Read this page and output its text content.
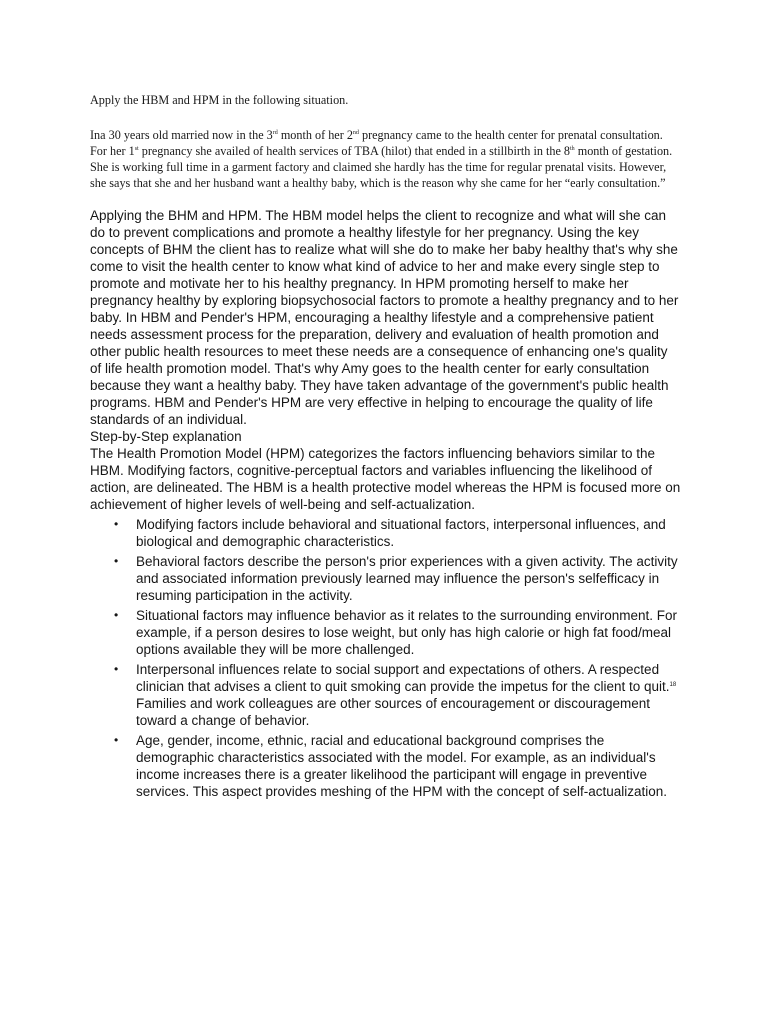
Apply the HBM and HPM in the following situation.

Ina 30 years old married now in the 3rd month of her 2nd pregnancy came to the health center for prenatal consultation. For her 1st pregnancy she availed of health services of TBA (hilot) that ended in a stillbirth in the 8th month of gestation. She is working full time in a garment factory and claimed she hardly has the time for regular prenatal visits. However, she says that she and her husband want a healthy baby, which is the reason why she came for her “early consultation.”

Applying the BHM and HPM. The HBM model helps the client to recognize and what will she can do to prevent complications and promote a healthy lifestyle for her pregnancy. Using the key concepts of BHM the client has to realize what will she do to make her baby healthy that's why she come to visit the health center to know what kind of advice to her and make every single step to promote and motivate her to his healthy pregnancy. In HPM promoting herself to make her pregnancy healthy by exploring biopsychosocial factors to promote a healthy pregnancy and to her baby. In HBM and Pender's HPM, encouraging a healthy lifestyle and a comprehensive patient needs assessment process for the preparation, delivery and evaluation of health promotion and other public health resources to meet these needs are a consequence of enhancing one's quality of life health promotion model. That's why Amy goes to the health center for early consultation because they want a healthy baby. They have taken advantage of the government's public health programs. HBM and Pender's HPM are very effective in helping to encourage the quality of life standards of an individual.

Step-by-Step explanation

The Health Promotion Model (HPM) categorizes the factors influencing behaviors similar to the HBM. Modifying factors, cognitive-perceptual factors and variables influencing the likelihood of action, are delineated. The HBM is a health protective model whereas the HPM is focused more on achievement of higher levels of well-being and self-actualization.

• Modifying factors include behavioral and situational factors, interpersonal influences, and biological and demographic characteristics.
• Behavioral factors describe the person's prior experiences with a given activity. The activity and associated information previously learned may influence the person's selfefficacy in resuming participation in the activity.
• Situational factors may influence behavior as it relates to the surrounding environment. For example, if a person desires to lose weight, but only has high calorie or high fat food/meal options available they will be more challenged.
• Interpersonal influences relate to social support and expectations of others. A respected clinician that advises a client to quit smoking can provide the impetus for the client to quit.$^{18}$ Families and work colleagues are other sources of encouragement or discouragement toward a change of behavior.
• Age, gender, income, ethnic, racial and educational background comprises the demographic characteristics associated with the model. For example, as an individual's income increases there is a greater likelihood the participant will engage in preventive services. This aspect provides meshing of the HPM with the concept of self-actualization.
